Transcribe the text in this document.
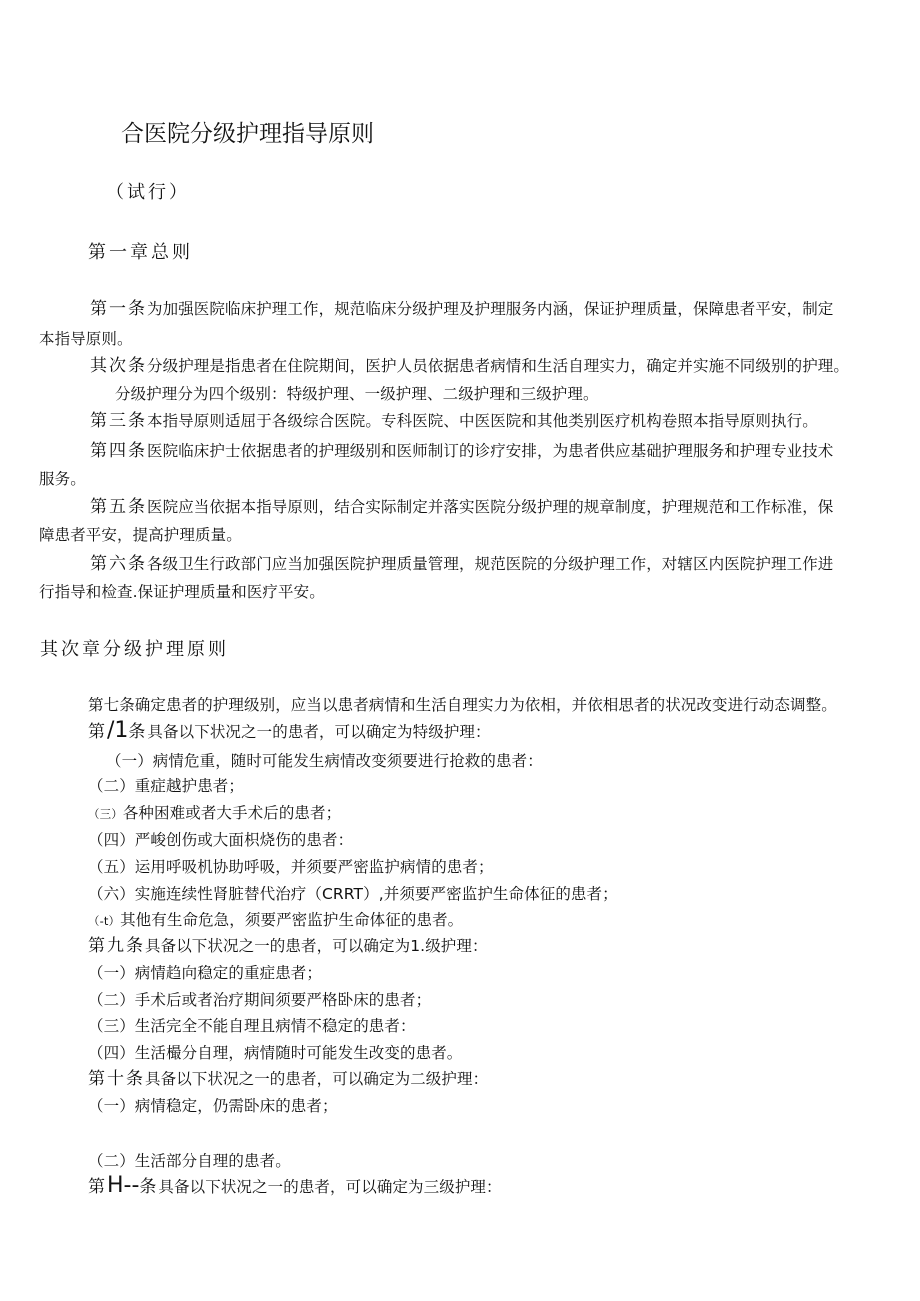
合医院分级护理指导原则
（试行）
第一章总则
第一条为加强医院临床护理工作，规范临床分级护理及护理服务内涵，保证护理质量，保障患者平安，制定
本指导原则。
其次条分级护理是指患者在住院期间，医护人员依据患者病情和生活自理实力，确定并实施不同级别的护理。
分级护理分为四个级别：特级护理、一级护理、二级护理和三级护理。
第三条本指导原则适屈于各级综合医院。专科医院、中医医院和其他类别医疗机构卷照本指导原则执行。
第四条医院临床护士依据患者的护理级别和医师制订的诊疗安排，为患者供应基础护理服务和护理专业技术
服务。
第五条医院应当依据本指导原则，结合实际制定并落实医院分级护理的规章制度，护理规范和工作标准，保
障患者平安，提高护理质量。
第六条各级卫生行政部门应当加强医院护理质量管理，规范医院的分级护理工作，对辖区内医院护理工作进
行指导和检查.保证护理质量和医疗平安。
其次章分级护理原则
第七条确定患者的护理级别，应当以患者病情和生活自理实力为依相，并依相思者的状况改变进行动态调整。
第/1条具备以下状况之一的患者，可以确定为特级护理：
（一）病情危重，随时可能发生病情改变须要进行抢救的患者：
（二）重症越护患者；
（三）各种困难或者大手术后的患者；
（四）严峻创伤或大面枳烧伤的患者：
（五）运用呼吸机协助呼吸，并须要严密监护病情的患者；
（六）实施连续性肾脏替代治疗（CRRT）,并须要严密监护生命体征的患者；
（-t）其他有生命危急，须要严密监护生命体征的患者。
第九条具备以下状况之一的患者，可以确定为1.级护理：
（一）病情趋向稳定的重症患者；
（二）手术后或者治疗期间须要严格卧床的患者；
（三）生活完全不能自理且病情不稳定的患者：
（四）生活樶分自理，病情随时可能发生改变的患者。
第十条具备以下状况之一的患者，可以确定为二级护理：
（一）病情稳定，仍需卧床的患者；
（二）生活部分自理的患者。
第H--条具备以下状况之一的患者，可以确定为三级护理：
